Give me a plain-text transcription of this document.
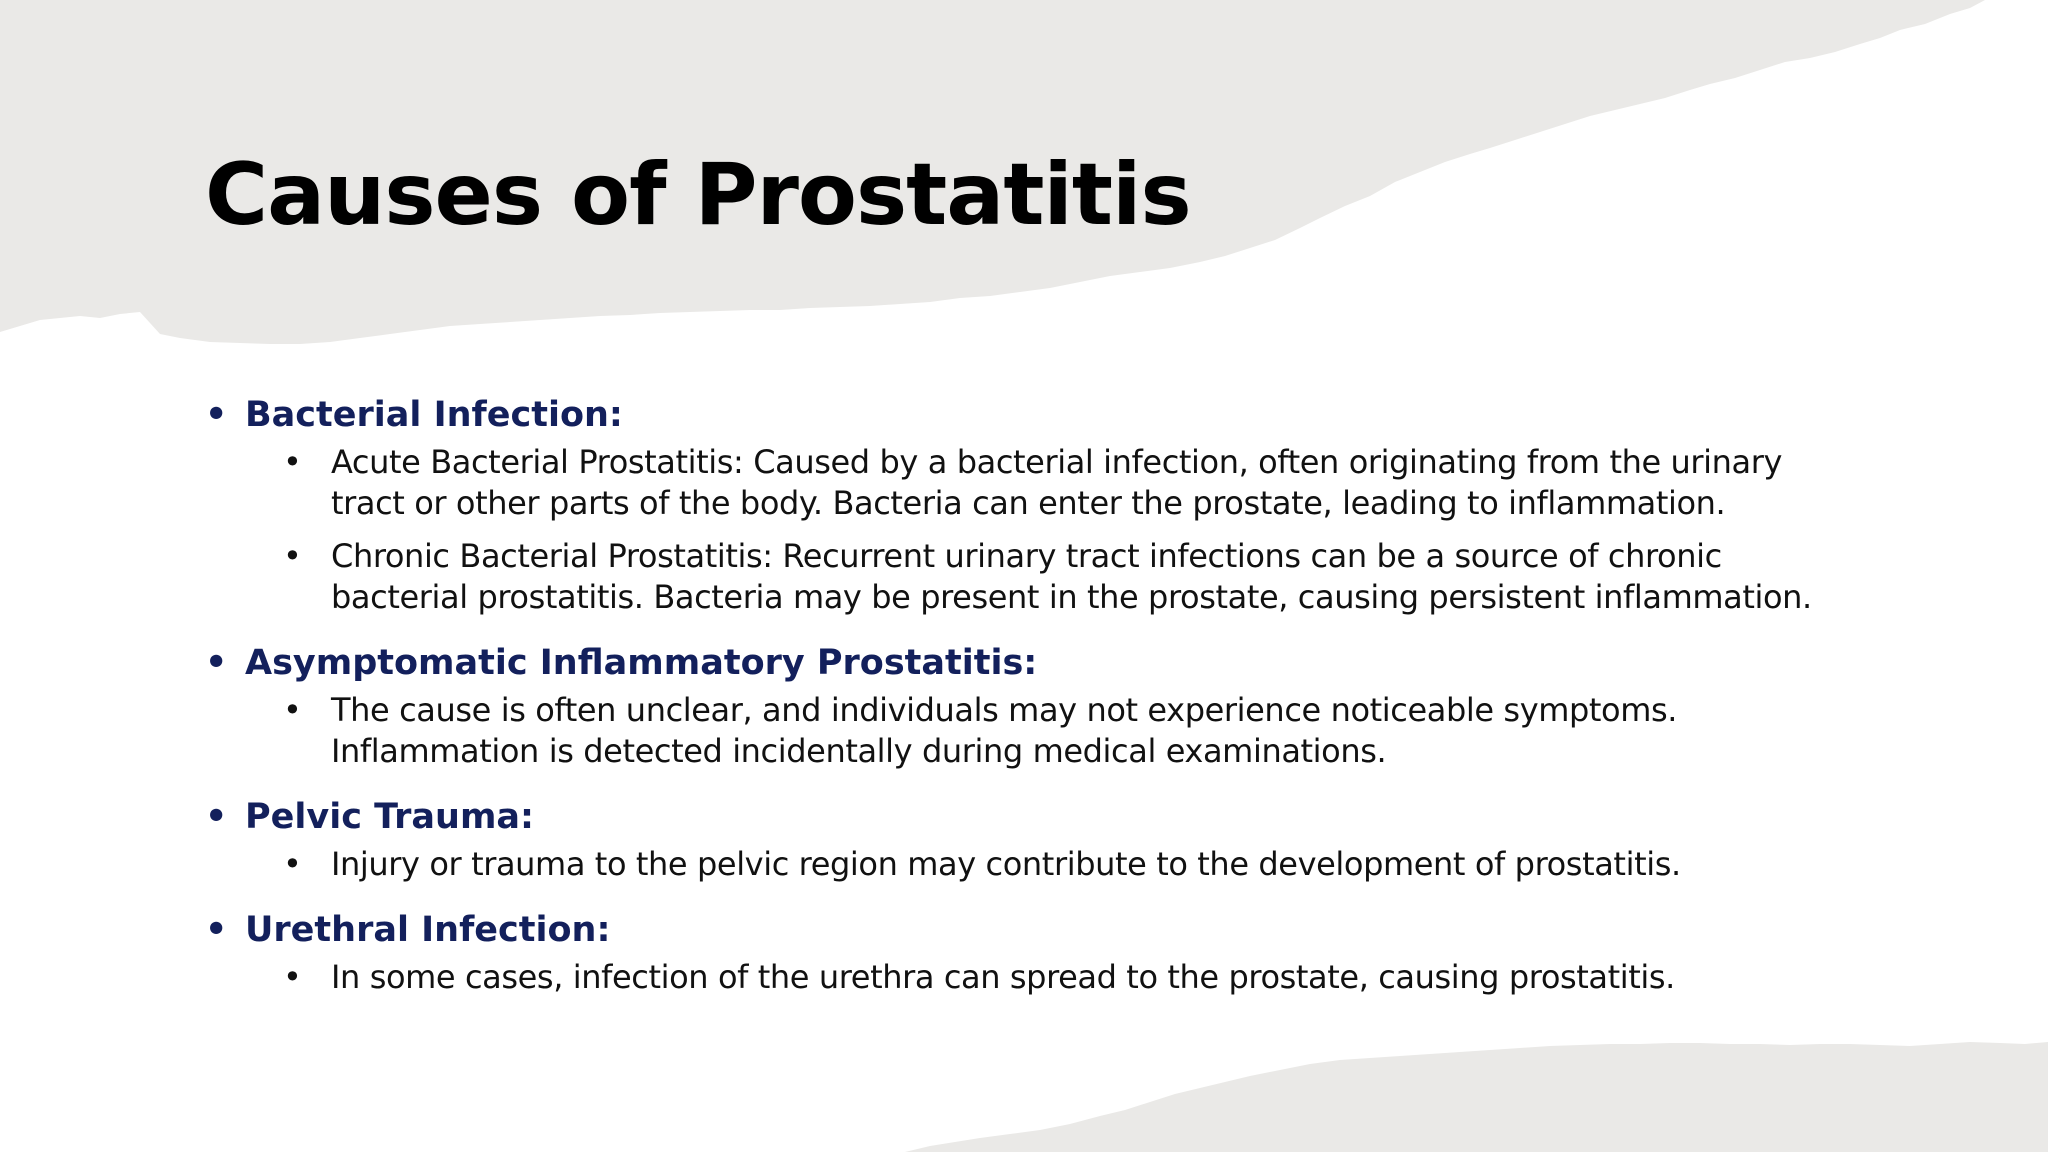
Causes of Prostatitis
• Bacterial Infection:
• Acute Bacterial Prostatitis: Caused by a bacterial infection, often originating from the urinary tract or other parts of the body. Bacteria can enter the prostate, leading to inflammation.
• Chronic Bacterial Prostatitis: Recurrent urinary tract infections can be a source of chronic bacterial prostatitis. Bacteria may be present in the prostate, causing persistent inflammation.
• Asymptomatic Inflammatory Prostatitis:
• The cause is often unclear, and individuals may not experience noticeable symptoms. Inflammation is detected incidentally during medical examinations.
• Pelvic Trauma:
• Injury or trauma to the pelvic region may contribute to the development of prostatitis.
• Urethral Infection:
• In some cases, infection of the urethra can spread to the prostate, causing prostatitis.
